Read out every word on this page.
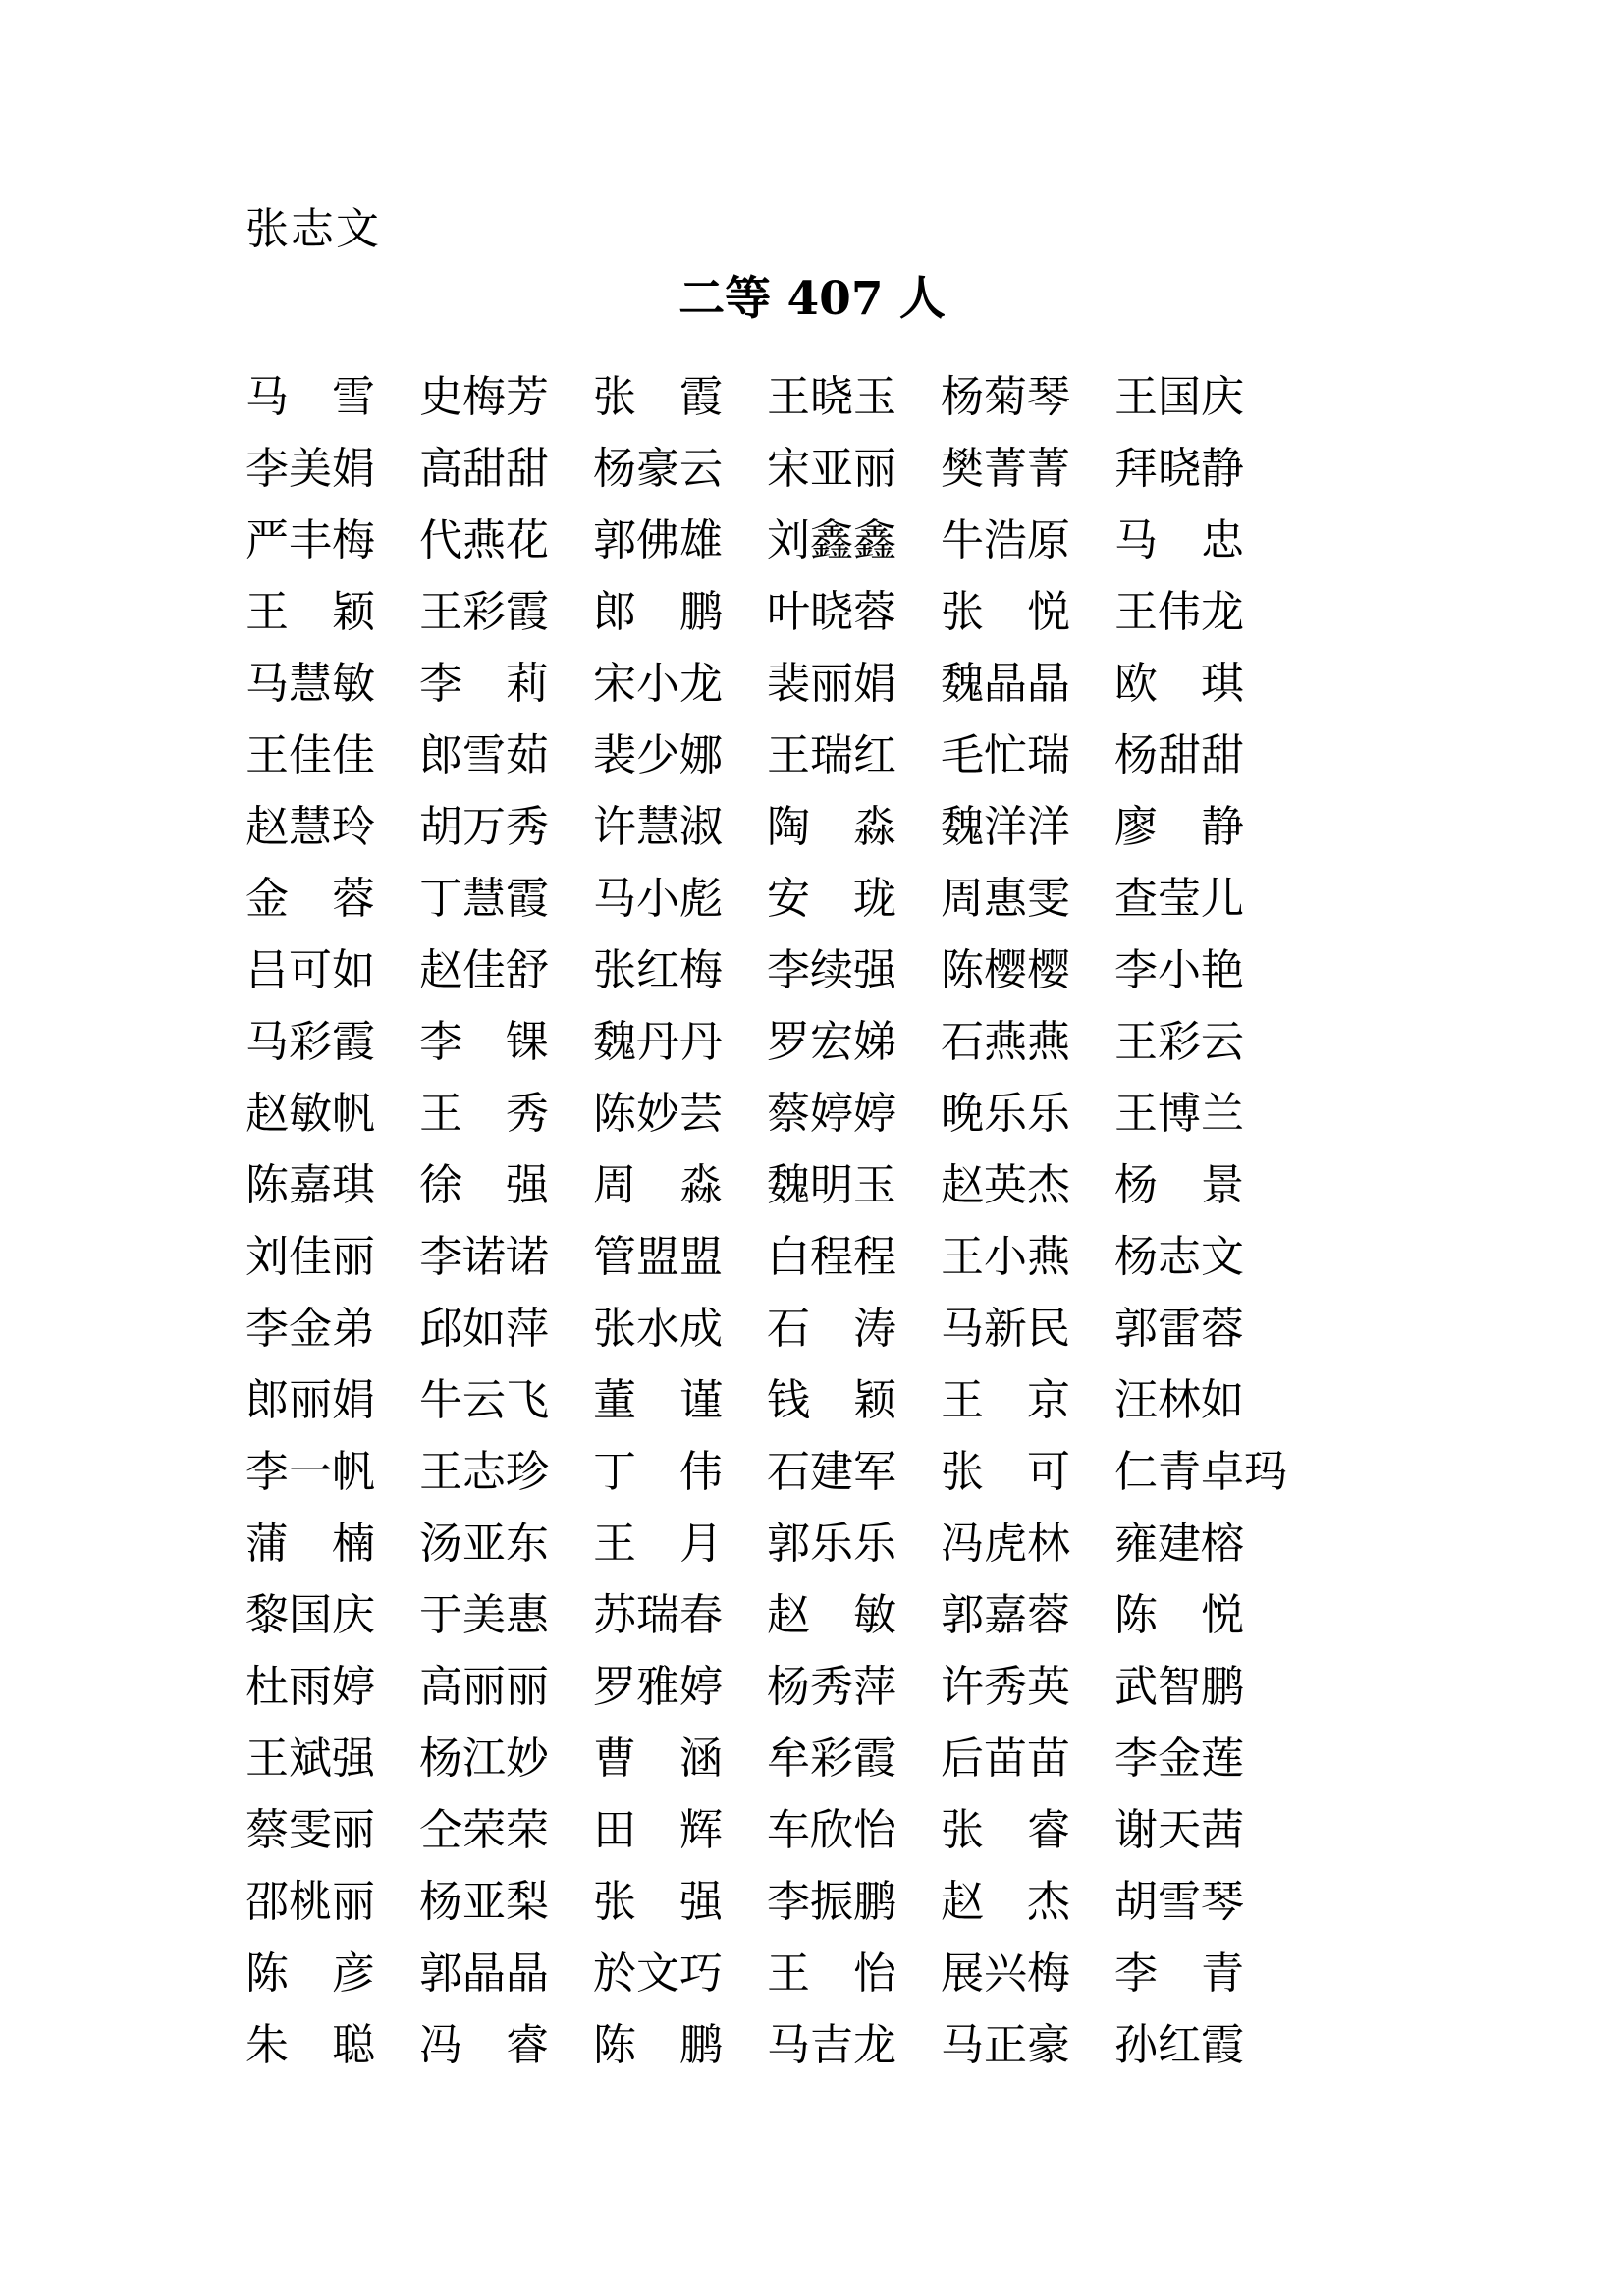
张志文
二等 407 人
马 雪 史 梅 芳 张 霞 王 晓 玉 杨 菊 琴 王 国 庆
李 美 娟 高 甜 甜 杨 豪 云 宋 亚 丽 樊 菁 菁 拜 晓 静
严 丰 梅 代 燕 花 郭 佛 雄 刘 鑫 鑫 牛 浩 原 马 忠
王 颖 王 彩 霞 郎 鹏 叶 晓 蓉 张 悦 王 伟 龙
马 慧 敏 李 莉 宋 小 龙 裴 丽 娟 魏 晶 晶 欧 琪
王 佳 佳 郎 雪 茹 裴 少 娜 王 瑞 红 毛 忙 瑞 杨 甜 甜
赵 慧 玲 胡 万 秀 许 慧 淑 陶 淼 魏 洋 洋 廖 静
金 蓉 丁 慧 霞 马 小 彪 安 珑 周 惠 雯 查 莹 儿
吕 可 如 赵 佳 舒 张 红 梅 李 续 强 陈 樱 樱 李 小 艳
马 彩 霞 李 锞 魏 丹 丹 罗 宏 娣 石 燕 燕 王 彩 云
赵 敏 帆 王 秀 陈 妙 芸 蔡 婷 婷 晚 乐 乐 王 博 兰
陈 嘉 琪 徐 强 周 淼 魏 明 玉 赵 英 杰 杨 景
刘 佳 丽 李 诺 诺 管 盟 盟 白 程 程 王 小 燕 杨 志 文
李 金 弟 邱 如 萍 张 水 成 石 涛 马 新 民 郭 雷 蓉
郎 丽 娟 牛 云 飞 董 谨 钱 颖 王 京 汪 林 如
李 一 帆 王 志 珍 丁 伟 石 建 军 张 可 仁 青 卓 玛
蒲 楠 汤 亚 东 王 月 郭 乐 乐 冯 虎 林 雍 建 榕
黎 国 庆 于 美 惠 苏 瑞 春 赵 敏 郭 嘉 蓉 陈 悦
杜 雨 婷 高 丽 丽 罗 雅 婷 杨 秀 萍 许 秀 英 武 智 鹏
王 斌 强 杨 江 妙 曹 涵 牟 彩 霞 后 苗 苗 李 金 莲
蔡 雯 丽 仝 荣 荣 田 辉 车 欣 怡 张 睿 谢 天 茜
邵 桃 丽 杨 亚 梨 张 强 李 振 鹏 赵 杰 胡 雪 琴
陈 彦 郭 晶 晶 於 文 巧 王 怡 展 兴 梅 李 青
朱 聪 冯 睿 陈 鹏 马 吉 龙 马 正 豪 孙 红 霞
